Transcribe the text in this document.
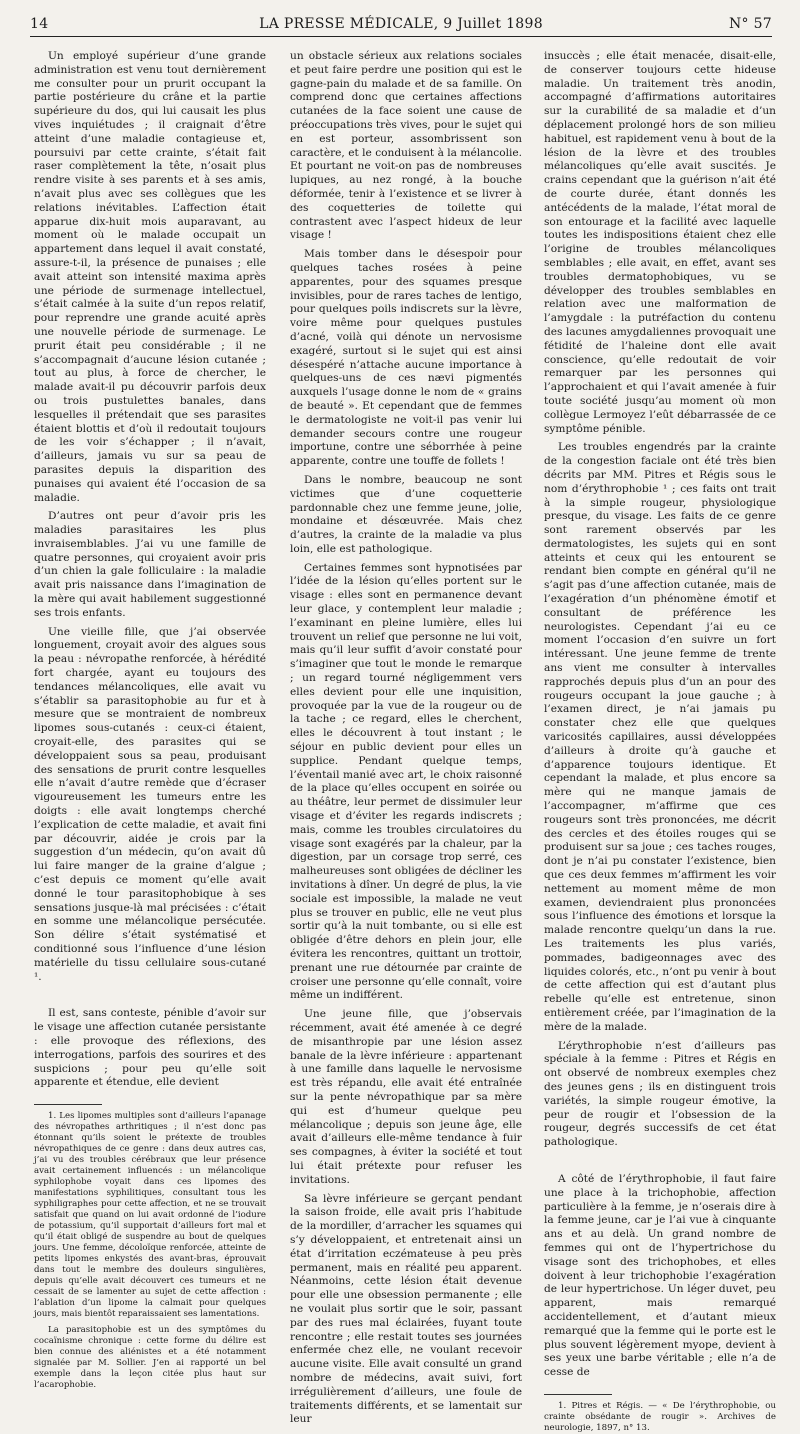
14	LA PRESSE MÉDICALE, 9 Juillet 1898	N° 57

Un employé supérieur d’une grande administration est venu tout dernièrement me consulter pour un prurit occupant la partie postérieure du crâne et la partie supérieure du dos, qui lui causait les plus vives inquiétudes ; il craignait d’être atteint d’une maladie contagieuse et, poursuivi par cette crainte, s’était fait raser complètement la tête, n’osait plus rendre visite à ses parents et à ses amis, n’avait plus avec ses collègues que les relations inévitables. L’affection était apparue dix-huit mois auparavant, au moment où le malade occupait un appartement dans lequel il avait constaté, assure-t-il, la présence de punaises ; elle avait atteint son intensité maxima après une période de surmenage intellectuel, s’était calmée à la suite d’un repos relatif, pour reprendre une grande acuité après une nouvelle période de surmenage. Le prurit était peu considérable ; il ne s’accompagnait d’aucune lésion cutanée ; tout au plus, à force de chercher, le malade avait-il pu découvrir parfois deux ou trois pustulettes banales, dans lesquelles il prétendait que ses parasites étaient blottis et d’où il redoutait toujours de les voir s’échapper ; il n’avait, d’ailleurs, jamais vu sur sa peau de parasites depuis la disparition des punaises qui avaient été l’occasion de sa maladie.

D’autres ont peur d’avoir pris les maladies parasitaires les plus invraisemblables. J’ai vu une famille de quatre personnes, qui croyaient avoir pris d’un chien la gale folliculaire : la maladie avait pris naissance dans l’imagination de la mère qui avait habilement suggestionné ses trois enfants.

Une vieille fille, que j’ai observée longuement, croyait avoir des algues sous la peau : névropathe renforcée, à hérédité fort chargée, ayant eu toujours des tendances mélancoliques, elle avait vu s’établir sa parasitophobie au fur et à mesure que se montraient de nombreux lipomes sous-cutanés : ceux-ci étaient, croyait-elle, des parasites qui se développaient sous sa peau, produisant des sensations de prurit contre lesquelles elle n’avait d’autre remède que d’écraser vigoureusement les tumeurs entre les doigts : elle avait longtemps cherché l’explication de cette maladie, et avait fini par découvrir, aidée je crois par la suggestion d’un médecin, qu’on avait dû lui faire manger de la graine d’algue ; c’est depuis ce moment qu’elle avait donné le tour parasitophobique à ses sensations jusque-là mal précisées : c’était en somme une mélancolique persécutée. Son délire s’était systématisé et conditionné sous l’influence d’une lésion matérielle du tissu cellulaire sous-cutané ¹.

Il est, sans conteste, pénible d’avoir sur le visage une affection cutanée persistante : elle provoque des réflexions, des interrogations, parfois des sourires et des suspicions ; pour peu qu’elle soit apparente et étendue, elle devient

1. Les lipomes multiples sont d’ailleurs l’apanage des névropathes arthritiques ; il n’est donc pas étonnant qu’ils soient le prétexte de troubles névropathiques de ce genre : dans deux autres cas, j’ai vu des troubles cérébraux que leur présence avait certainement influencés : un mélancolique syphilophobe voyait dans ces lipomes des manifestations syphilitiques, consultant tous les syphiligraphes pour cette affection, et ne se trouvait satisfait que quand on lui avait ordonné de l’iodure de potassium, qu’il supportait d’ailleurs fort mal et qu’il était obligé de suspendre au bout de quelques jours. Une femme, décoloïque renforcée, atteinte de petits lipomes enkystés des avant-bras, éprouvait dans tout le membre des douleurs singulières, depuis qu’elle avait découvert ces tumeurs et ne cessait de se lamenter au sujet de cette affection : l’ablation d’un lipome la calmait pour quelques jours, mais bientôt reparaissaient ses lamentations.

La parasitophobie est un des symptômes du cocaïnisme chronique : cette forme du délire est bien connue des aliénistes et a été notamment signalée par M. Sollier. J’en ai rapporté un bel exemple dans la leçon citée plus haut sur l’acarophobie.

un obstacle sérieux aux relations sociales et peut faire perdre une position qui est le gagne-pain du malade et de sa famille. On comprend donc que certaines affections cutanées de la face soient une cause de préoccupations très vives, pour le sujet qui en est porteur, assombrissent son caractère, et le conduisent à la mélancolie. Et pourtant ne voit-on pas de nombreuses lupiques, au nez rongé, à la bouche déformée, tenir à l’existence et se livrer à des coquetteries de toilette qui contrastent avec l’aspect hideux de leur visage !

Mais tomber dans le désespoir pour quelques taches rosées à peine apparentes, pour des squames presque invisibles, pour de rares taches de lentigo, pour quelques poils indiscrets sur la lèvre, voire même pour quelques pustules d’acné, voilà qui dénote un nervosisme exagéré, surtout si le sujet qui est ainsi désespéré n’attache aucune importance à quelques-uns de ces nævi pigmentés auxquels l’usage donne le nom de « grains de beauté ». Et cependant que de femmes le dermatologiste ne voit-il pas venir lui demander secours contre une rougeur importune, contre une séborrhée à peine apparente, contre une touffe de follets !

Dans le nombre, beaucoup ne sont victimes que d’une coquetterie pardonnable chez une femme jeune, jolie, mondaine et désœuvrée. Mais chez d’autres, la crainte de la maladie va plus loin, elle est pathologique.

Certaines femmes sont hypnotisées par l’idée de la lésion qu’elles portent sur le visage : elles sont en permanence devant leur glace, y contemplent leur maladie ; l’examinant en pleine lumière, elles lui trouvent un relief que personne ne lui voit, mais qu’il leur suffit d’avoir constaté pour s’imaginer que tout le monde le remarque ; un regard tourné négligemment vers elles devient pour elle une inquisition, provoquée par la vue de la rougeur ou de la tache ; ce regard, elles le cherchent, elles le découvrent à tout instant ; le séjour en public devient pour elles un supplice. Pendant quelque temps, l’éventail manié avec art, le choix raisonné de la place qu’elles occupent en soirée ou au théâtre, leur permet de dissimuler leur visage et d’éviter les regards indiscrets ; mais, comme les troubles circulatoires du visage sont exagérés par la chaleur, par la digestion, par un corsage trop serré, ces malheureuses sont obligées de décliner les invitations à dîner. Un degré de plus, la vie sociale est impossible, la malade ne veut plus se trouver en public, elle ne veut plus sortir qu’à la nuit tombante, ou si elle est obligée d’être dehors en plein jour, elle évitera les rencontres, quittant un trottoir, prenant une rue détournée par crainte de croiser une personne qu’elle connaît, voire même un indifférent.

Une jeune fille, que j’observais récemment, avait été amenée à ce degré de misanthropie par une lésion assez banale de la lèvre inférieure : appartenant à une famille dans laquelle le nervosisme est très répandu, elle avait été entraînée sur la pente névropathique par sa mère qui est d’humeur quelque peu mélancolique ; depuis son jeune âge, elle avait d’ailleurs elle-même tendance à fuir ses compagnes, à éviter la société et tout lui était prétexte pour refuser les invitations.

Sa lèvre inférieure se gerçant pendant la saison froide, elle avait pris l’habitude de la mordiller, d’arracher les squames qui s’y développaient, et entretenait ainsi un état d’irritation eczémateuse à peu près permanent, mais en réalité peu apparent. Néanmoins, cette lésion était devenue pour elle une obsession permanente ; elle ne voulait plus sortir que le soir, passant par des rues mal éclairées, fuyant toute rencontre ; elle restait toutes ses journées enfermée chez elle, ne voulant recevoir aucune visite. Elle avait consulté un grand nombre de médecins, avait suivi, fort irrégulièrement d’ailleurs, une foule de traitements différents, et se lamentait sur leur

insuccès ; elle était menacée, disait-elle, de conserver toujours cette hideuse maladie. Un traitement très anodin, accompagné d’affirmations autoritaires sur la curabilité de sa maladie et d’un déplacement prolongé hors de son milieu habituel, est rapidement venu à bout de la lésion de la lèvre et des troubles mélancoliques qu’elle avait suscités. Je crains cependant que la guérison n’ait été de courte durée, étant donnés les antécédents de la malade, l’état moral de son entourage et la facilité avec laquelle toutes les indispositions étaient chez elle l’origine de troubles mélancoliques semblables ; elle avait, en effet, avant ses troubles dermatophobiques, vu se développer des troubles semblables en relation avec une malformation de l’amygdale : la putréfaction du contenu des lacunes amygdaliennes provoquait une fétidité de l’haleine dont elle avait conscience, qu’elle redoutait de voir remarquer par les personnes qui l’approchaient et qui l’avait amenée à fuir toute société jusqu’au moment où mon collègue Lermoyez l’eût débarrassée de ce symptôme pénible.

Les troubles engendrés par la crainte de la congestion faciale ont été très bien décrits par MM. Pitres et Régis sous le nom d’érythrophobie ¹ ; ces faits ont trait à la simple rougeur, physiologique presque, du visage. Les faits de ce genre sont rarement observés par les dermatologistes, les sujets qui en sont atteints et ceux qui les entourent se rendant bien compte en général qu’il ne s’agit pas d’une affection cutanée, mais de l’exagération d’un phénomène émotif et consultant de préférence les neurologistes. Cependant j’ai eu ce moment l’occasion d’en suivre un fort intéressant. Une jeune femme de trente ans vient me consulter à intervalles rapprochés depuis plus d’un an pour des rougeurs occupant la joue gauche ; à l’examen direct, je n’ai jamais pu constater chez elle que quelques varicosités capillaires, aussi développées d’ailleurs à droite qu’à gauche et d’apparence toujours identique. Et cependant la malade, et plus encore sa mère qui ne manque jamais de l’accompagner, m’affirme que ces rougeurs sont très prononcées, me décrit des cercles et des étoiles rouges qui se produisent sur sa joue ; ces taches rouges, dont je n’ai pu constater l’existence, bien que ces deux femmes m’affirment les voir nettement au moment même de mon examen, deviendraient plus prononcées sous l’influence des émotions et lorsque la malade rencontre quelqu’un dans la rue. Les traitements les plus variés, pommades, badigeonnages avec des liquides colorés, etc., n’ont pu venir à bout de cette affection qui est d’autant plus rebelle qu’elle est entretenue, sinon entièrement créée, par l’imagination de la mère de la malade.

L’érythrophobie n’est d’ailleurs pas spéciale à la femme : Pitres et Régis en ont observé de nombreux exemples chez des jeunes gens ; ils en distinguent trois variétés, la simple rougeur émotive, la peur de rougir et l’obsession de la rougeur, degrés successifs de cet état pathologique.

A côté de l’érythrophobie, il faut faire une place à la trichophobie, affection particulière à la femme, je n’oserais dire à la femme jeune, car je l’ai vue à cinquante ans et au delà. Un grand nombre de femmes qui ont de l’hypertrichose du visage sont des trichophobes, et elles doivent à leur trichophobie l’exagération de leur hypertrichose. Un léger duvet, peu apparent, mais remarqué accidentellement, et d’autant mieux remarqué que la femme qui le porte est le plus souvent légèrement myope, devient à ses yeux une barbe véritable ; elle n’a de cesse de

1. Pitres et Régis. — « De l’érythrophobie, ou crainte obsédante de rougir ». Archives de neurologie, 1897, n° 13.
